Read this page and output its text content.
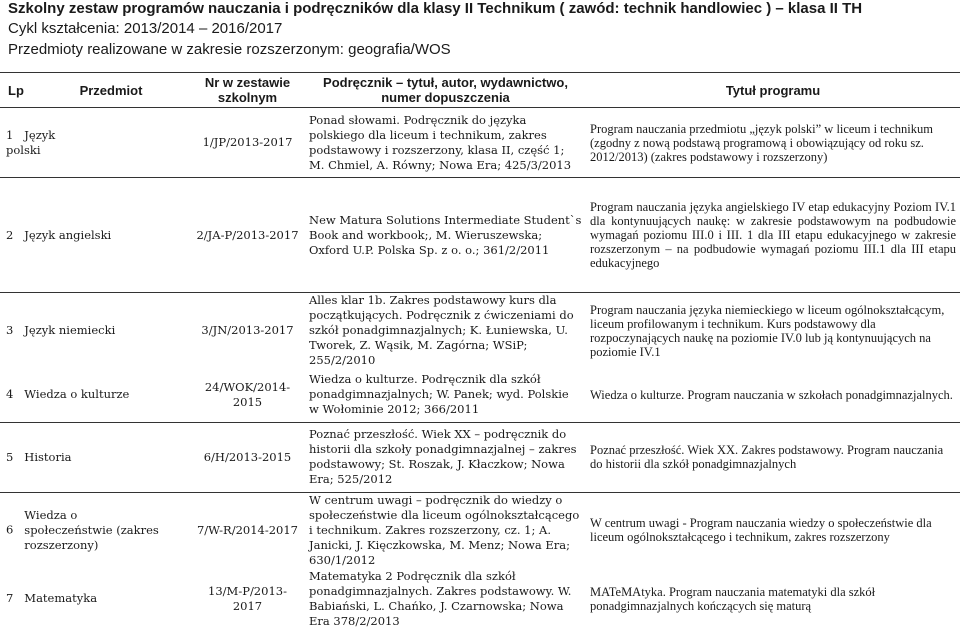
Szkolny zestaw programów nauczania i podręczników dla klasy II Technikum ( zawód: technik handlowiec ) – klasa II TH
Cykl kształcenia: 2013/2014 – 2016/2017
Przedmioty realizowane w zakresie rozszerzonym: geografia/WOS
Lp	Przedmiot	Nr w zestawie szkolnym	Podręcznik – tytuł, autor, wydawnictwo, numer dopuszczenia	Tytuł programu
1 Język polski		1/JP/2013-2017	Ponad słowami. Podręcznik do języka polskiego dla liceum i technikum, zakres podstawowy i rozszerzony, klasa II, część 1; M. Chmiel, A. Równy; Nowa Era; 425/3/2013	Program nauczania przedmiotu „język polski” w liceum i technikum (zgodny z nową podstawą programową i obowiązujący od roku sz. 2012/2013) (zakres podstawowy i rozszerzony)
2 Język angielski		2/JA-P/2013-2017	New Matura Solutions Intermediate Student`s Book and workbook;, M. Wieruszewska; Oxford U.P. Polska Sp. z o. o.; 361/2/2011	Program nauczania języka angielskiego IV etap edukacyjny Poziom IV.1 dla kontynuujących naukę: w zakresie podstawowym na podbudowie wymagań poziomu III.0 i III. 1 dla III etapu edukacyjnego w zakresie rozszerzonym – na podbudowie wymagań poziomu III.1 dla III etapu edukacyjnego
3 Język niemiecki		3/JN/2013-2017	Alles klar 1b. Zakres podstawowy kurs dla początkujących. Podręcznik z ćwiczeniami do szkół ponadgimnazjalnych; K. Łuniewska, U. Tworek, Z. Wąsik, M. Zagórna; WSiP; 255/2/2010	Program nauczania języka niemieckiego w liceum ogólnokształcącym, liceum profilowanym i technikum. Kurs podstawowy dla rozpoczynających naukę na poziomie IV.0 lub ją kontynuujących na poziomie IV.1
4 Wiedza o kulturze		24/WOK/2014-2015	Wiedza o kulturze. Podręcznik dla szkół ponadgimnazjalnych; W. Panek; wyd. Polskie w Wołominie 2012; 366/2011	Wiedza o kulturze. Program nauczania w szkołach ponadgimnazjalnych.
5 Historia		6/H/2013-2015	Poznać przeszłość. Wiek XX – podręcznik do historii dla szkoły ponadgimnazjalnej – zakres podstawowy; St. Roszak, J. Kłaczkow; Nowa Era; 525/2012	Poznać przeszłość. Wiek XX. Zakres podstawowy. Program nauczania do historii dla szkół ponadgimnazjalnych
6   Wiedza o społeczeństwie (zakres rozszerzony)		7/W-R/2014-2017	W centrum uwagi – podręcznik do wiedzy o społeczeństwie dla liceum ogólnokształcącego i technikum. Zakres rozszerzony, cz. 1; A. Janicki, J. Kięczkowska, M. Menz; Nowa Era; 630/1/2012	W centrum uwagi - Program nauczania wiedzy o społeczeństwie dla liceum ogólnokształcącego i technikum, zakres rozszerzony
7 Matematyka		13/M-P/2013-2017	Matematyka 2 Podręcznik dla szkół ponadgimnazjalnych. Zakres podstawowy. W. Babiański, L. Chańko, J. Czarnowska; Nowa Era 378/2/2013	MATeMAtyka. Program nauczania matematyki dla szkół ponadgimnazjalnych kończących się maturą
